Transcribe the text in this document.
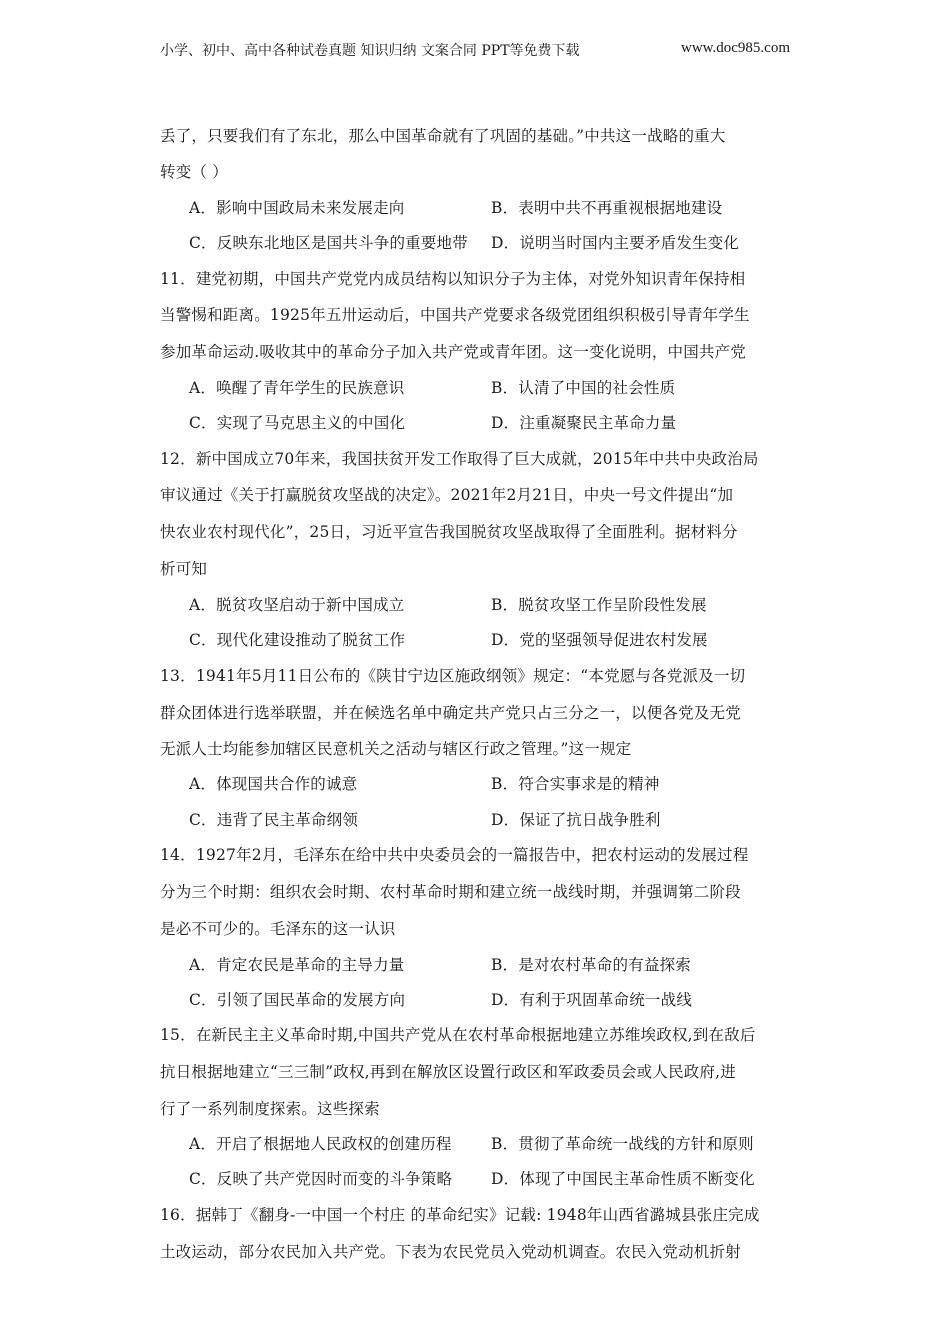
小学、初中、高中各种试卷真题 知识归纳 文案合同 PPT等免费下载	www.doc985.com
丢了，只要我们有了东北，那么中国革命就有了巩固的基础。”中共这一战略的重大
转变（ ）
A．影响中国政局未来发展走向	B．表明中共不再重视根据地建设
C．反映东北地区是国共斗争的重要地带 D．说明当时国内主要矛盾发生变化
11．建党初期，中国共产党党内成员结构以知识分子为主体，对党外知识青年保持相
当警惕和距离。1925年五卅运动后，中国共产党要求各级党团组织积极引导青年学生
参加革命运动.吸收其中的革命分子加入共产党或青年团。这一变化说明，中国共产党
A．唤醒了青年学生的民族意识	B．认清了中国的社会性质
C．实现了马克思主义的中国化	D．注重凝聚民主革命力量
12．新中国成立70年来，我国扶贫开发工作取得了巨大成就，2015年中共中央政治局
审议通过《关于打赢脱贫攻坚战的决定》。2021年2月21日，中央一号文件提出“加
快农业农村现代化”，25日，习近平宣告我国脱贫攻坚战取得了全面胜利。据材料分
析可知
A．脱贫攻坚启动于新中国成立	B．脱贫攻坚工作呈阶段性发展
C．现代化建设推动了脱贫工作	D．党的坚强领导促进农村发展
13．1941年5月11日公布的《陕甘宁边区施政纲领》规定：“本党愿与各党派及一切
群众团体进行选举联盟，并在候选名单中确定共产党只占三分之一，以便各党及无党
无派人士均能参加辖区民意机关之活动与辖区行政之管理。”这一规定
A．体现国共合作的诚意	B．符合实事求是的精神
C．违背了民主革命纲领	D．保证了抗日战争胜利
14．1927年2月，毛泽东在给中共中央委员会的一篇报告中，把农村运动的发展过程
分为三个时期：组织农会时期、农村革命时期和建立统一战线时期，并强调第二阶段
是必不可少的。毛泽东的这一认识
A．肯定农民是革命的主导力量	B．是对农村革命的有益探索
C．引领了国民革命的发展方向	D．有利于巩固革命统一战线
15．在新民主主义革命时期,中国共产党从在农村革命根据地建立苏维埃政权,到在敌后
抗日根据地建立“三三制”政权,再到在解放区设置行政区和军政委员会或人民政府,进
行了一系列制度探索。这些探索
A．开启了根据地人民政权的创建历程	B．贯彻了革命统一战线的方针和原则
C．反映了共产党因时而变的斗争策略 D．体现了中国民主革命性质不断变化
16．据韩丁《翻身-一中国一个村庄 的革命纪实》记载: 1948年山西省潞城县张庄完成
土改运动，部分农民加入共产党。下表为农民党员入党动机调查。农民入党动机折射
